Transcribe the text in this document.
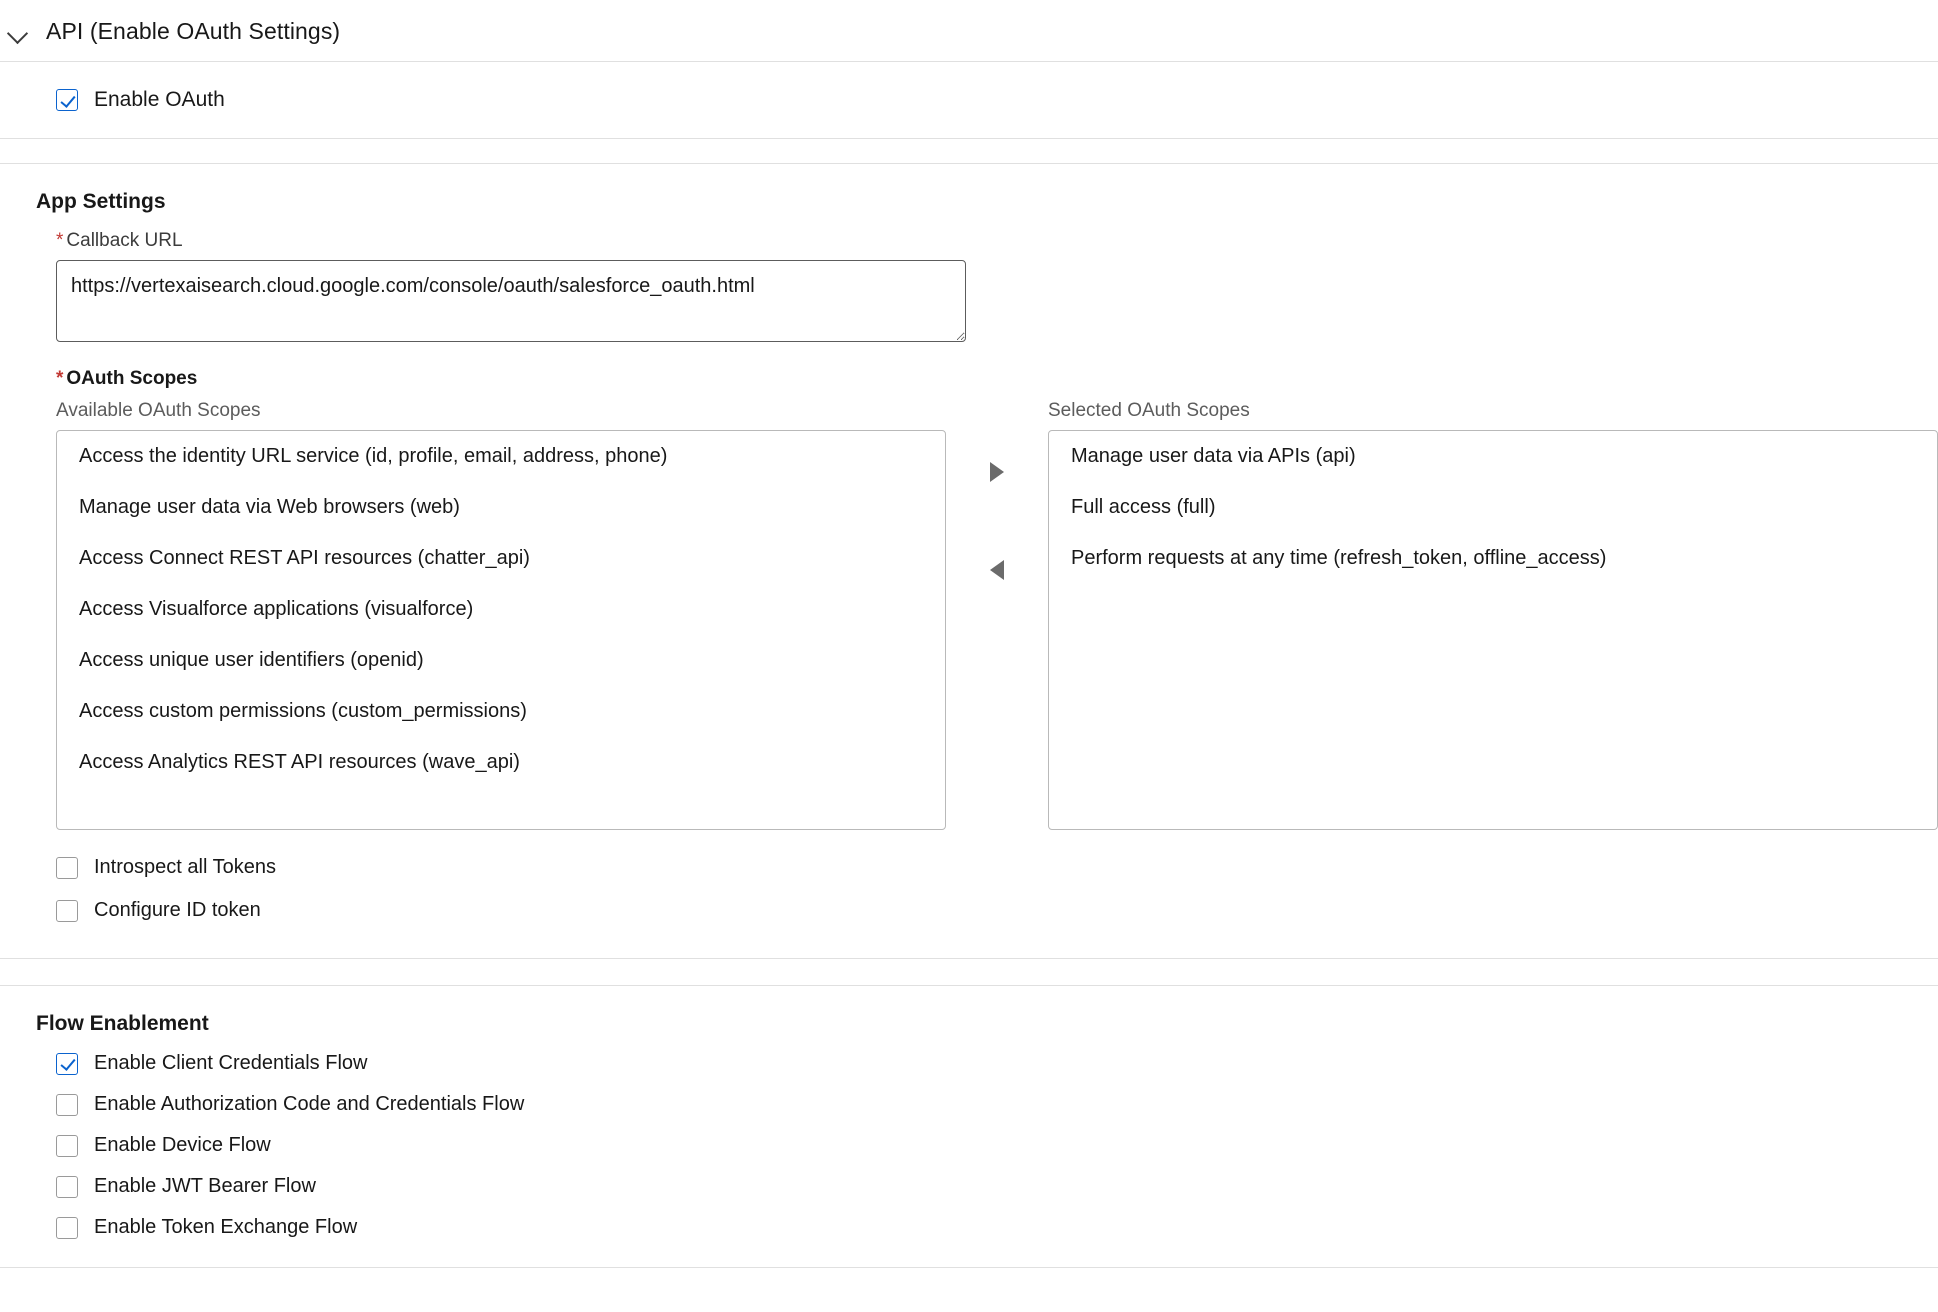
API (Enable OAuth Settings)
Enable OAuth
App Settings
* Callback URL
https://vertexaisearch.cloud.google.com/console/oauth/salesforce_oauth.html
* OAuth Scopes
Available OAuth Scopes
Access the identity URL service (id, profile, email, address, phone)
Manage user data via Web browsers (web)
Access Connect REST API resources (chatter_api)
Access Visualforce applications (visualforce)
Access unique user identifiers (openid)
Access custom permissions (custom_permissions)
Access Analytics REST API resources (wave_api)
Selected OAuth Scopes
Manage user data via APIs (api)
Full access (full)
Perform requests at any time (refresh_token, offline_access)
Introspect all Tokens
Configure ID token
Flow Enablement
Enable Client Credentials Flow
Enable Authorization Code and Credentials Flow
Enable Device Flow
Enable JWT Bearer Flow
Enable Token Exchange Flow
